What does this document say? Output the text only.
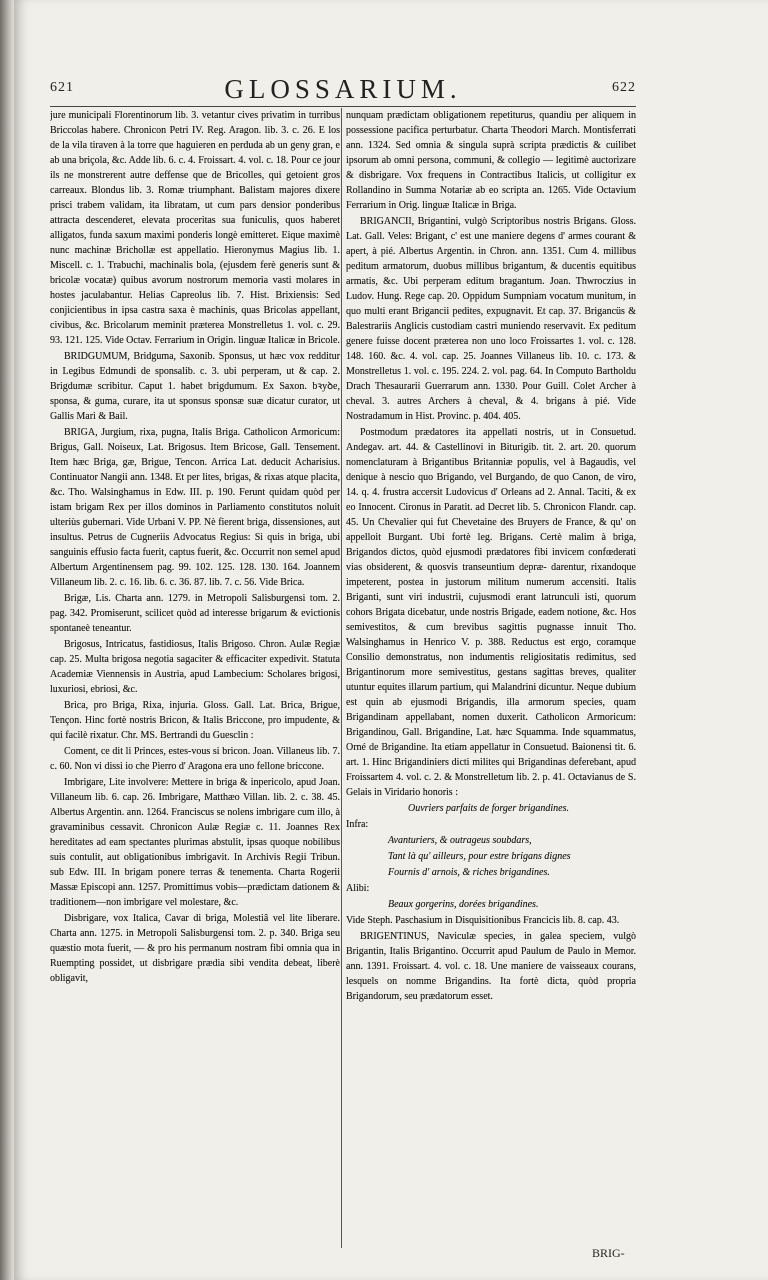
621	GLOSSARIUM.	622

jure municipali Florentinorum lib. 3. vetantur cives privatim in turribus Briccolas habere. Chronicon Petri IV. Reg. Aragon. lib. 3. c. 26. E los de la vila tiraven à la torre que haguieren en perduda ab un geny gran, e ab una briçola, &c. Adde lib. 6. c. 4. Froissart. 4. vol. c. 18. Pour ce jour ils ne monstrerent autre deffense que de Bricolles, qui getoient gros carreaux. Blondus lib. 3. Romæ triumphant. Balistam majores dixere prisci trabem validam, ita libratam, ut cum pars densior ponderibus attracta descenderet, elevata proceritas sua funiculis, quos haberet alligatos, funda saxum maximi ponderis longè emitteret. Eique maximè nunc machinæ Brichollæ est appellatio. Hieronymus Magius lib. 1. Miscell. c. 1. Trabuchi, machinalis bola, (ejusdem ferè generis sunt & bricolæ vocatæ) quibus avorum nostrorum memoria vasti molares in hostes jaculabantur. Helias Capreolus lib. 7. Hist. Brixiensis: Sed conjicientibus in ipsa castra saxa è machinis, quas Bricolas appellant, civibus, &c. Bricolarum meminit præterea Monstrelletus 1. vol. c. 29. 93. 121. 125. Vide Octav. Ferrarium in Origin. linguæ Italicæ in Bricole.

BRIDGUMUM, Bridguma, Saxonib. Sponsus, ut hæc vox redditur in Legibus Edmundi de sponsalib. c. 3. ubi perperam, ut & cap. 2. Brigdumæ scribitur. Caput 1. habet brigdumum. Ex Saxon. bꝛyꝺe, sponsa, & guma, curare, ita ut sponsus sponsæ suæ dicatur curator, ut Gallis Mari & Bail.

BRIGA, Jurgium, rixa, pugna, Italis Briga. Catholicon Armoricum: Brigus, Gall. Noiseux, Lat. Brigosus. Item Bricose, Gall. Tensement. Item hæc Briga, gæ, Brigue, Tencon. Arrica Lat. deducit Acharisius. Continuator Nangii ann. 1348. Et per lites, brigas, & rixas atque placita, &c. Tho. Walsinghamus in Edw. III. p. 190. Ferunt quidam quòd per istam brigam Rex per illos dominos in Parliamento constitutos noluit ulteriùs gubernari. Vide Urbani V. PP. Nè fierent briga, dissensiones, aut insultus. Petrus de Cugneriis Advocatus Regius: Si quis in briga, ubi sanguinis effusio facta fuerit, captus fuerit, &c. Occurrit non semel apud Albertum Argentinensem pag. 99. 102. 125. 128. 130. 164. Joannem Villaneum lib. 2. c. 16. lib. 6. c. 36. 87. lib. 7. c. 56. Vide Brica.

Brigæ, Lis. Charta ann. 1279. in Metropoli Salisburgensi tom. 2. pag. 342. Promiserunt, scilicet quòd ad interesse brigarum & evictionis spontaneè teneantur.

Brigosus, Intricatus, fastidiosus, Italis Brigoso. Chron. Aulæ Regiæ cap. 25. Multa brigosa negotia sagaciter & efficaciter expedivit. Statuta Academiæ Viennensis in Austria, apud Lambecium: Scholares brigosi, luxuriosi, ebriosi, &c.

Brica, pro Briga, Rixa, injuria. Gloss. Gall. Lat. Brica, Brigue, Tençon. Hinc fortè nostris Bricon, & Italis Briccone, pro impudente, & qui facilè rixatur. Chr. MS. Bertrandi du Guesclin :

Coment, ce dit li Princes, estes-vous si bricon. Joan. Villaneus lib. 7. c. 60. Non vi dissi io che Pierro d' Aragona era uno fellone briccone.

Imbrigare, Lite involvere: Mettere in briga & inpericolo, apud Joan. Villaneum lib. 6. cap. 26. Imbrigare, Matthæo Villan. lib. 2. c. 38. 45. Albertus Argentin. ann. 1264. Franciscus se nolens imbrigare cum illo, à gravaminibus cessavit. Chronicon Aulæ Regiæ c. 11. Joannes Rex hereditates ad eam spectantes plurimas abstulit, ipsas quoque nobilibus suis contulit, aut obligationibus imbrigavit. In Archivis Regii Tribun. sub Edw. III. In brigam ponere terras & tenementa. Charta Rogerii Massæ Episcopi ann. 1257. Promittimus vobis—prædictam dationem & traditionem—non imbrigare vel molestare, &c.

Disbrigare, vox Italica, Cavar di briga, Molestiâ vel lite liberare. Charta ann. 1275. in Metropoli Salisburgensi tom. 2. p. 340. Briga seu quæstio mota fuerit, — & pro his permanum nostram fibi omnia qua in Ruempting possidet, ut disbrigare prædia sibi vendita debeat, liberè obligavit,

nunquam prædictam obligationem repetiturus, quandiu per aliquem in possessione pacifica perturbatur. Charta Theodori March. Montisferrati ann. 1324. Sed omnia & singula suprà scripta prædictis & cuilibet ipsorum ab omni persona, communi, & collegio — legitimè auctorizare & disbrigare. Vox frequens in Contractibus Italicis, ut colligitur ex Rollandino in Summa Notariæ ab eo scripta an. 1265. Vide Octavium Ferrarium in Orig. linguæ Italicæ in Briga.

BRIGANCII, Brigantini, vulgò Scriptoribus nostris Brigans. Gloss. Lat. Gall. Veles: Brigant, c' est une maniere degens d' armes courant & apert, à pié. Albertus Argentin. in Chron. ann. 1351. Cum 4. millibus peditum armatorum, duobus millibus brigantum, & ducentis equitibus armatis, &c. Ubi perperam editum bragantum. Joan. Thwroczius in Ludov. Hung. Rege cap. 20. Oppidum Sumpniam vocatum munitum, in quo multi erant Brigancii pedites, expugnavit. Et cap. 37. Brigancüs & Balestrariis Anglicis custodiam castri muniendo reservavit. Ex peditum genere fuisse docent præterea non uno loco Froissartes 1. vol. c. 128. 148. 160. &c. 4. vol. cap. 25. Joannes Villaneus lib. 10. c. 173. & Monstrelletus 1. vol. c. 195. 224. 2. vol. pag. 64. In Computo Bartholdu Drach Thesaurarii Guerrarum ann. 1330. Pour Guill. Colet Archer à cheval. 3. autres Archers à cheval, & 4. brigans à pié. Vide Nostradamum in Hist. Provinc. p. 404. 405.

Postmodum prædatores ita appellati nostris, ut in Consuetud. Andegav. art. 44. & Castellinovi in Biturigib. tit. 2. art. 20. quorum nomenclaturam à Brigantibus Britanniæ populis, vel à Bagaudis, vel denique à nescio quo Brigando, vel Burgando, de quo Canon, de viro, 14. q. 4. frustra accersit Ludovicus d' Orleans ad 2. Annal. Taciti, & ex eo Innocent. Cironus in Paratit. ad Decret lib. 5. Chronicon Flandr. cap. 45. Un Chevalier qui fut Chevetaine des Bruyers de France, & qu' on appelloit Burgant. Ubi fortè leg. Brigans. Certè malim à briga, Brigandos dictos, quòd ejusmodi prædatores fibi invicem confœderati vias obsiderent, & quosvis transeuntium depræ- darentur, rixandoque impeterent, postea in justorum militum numerum accensiti. Italis Briganti, sunt viri industrii, cujusmodi erant latrunculi isti, quorum cohors Brigata dicebatur, unde nostris Brigade, eadem notione, &c. Hos semivestitos, & cum brevibus sagittis pugnasse innuit Tho. Walsinghamus in Henrico V. p. 388. Reductus est ergo, coramque Consilio demonstratus, non indumentis religiositatis redimitus, sed Brigantinorum more semivestitus, gestans sagittas breves, qualiter utuntur equites illarum partium, qui Malandrini dicuntur. Neque dubium est quin ab ejusmodi Brigandis, illa armorum species, quam Brigandinam appellabant, nomen duxerit. Catholicon Armoricum: Brigandinou, Gall. Brigandine, Lat. hæc Squamma. Inde squammatus, Orné de Brigandine. Ita etiam appellatur in Consuetud. Baionensi tit. 6. art. 1. Hinc Brigandiniers dicti milites qui Brigandinas deferebant, apud Froissartem 4. vol. c. 2. & Monstrelletum lib. 2. p. 41. Octavianus de S. Gelais in Viridario honoris :

Ouvriers parfaits de forger brigandines.

Infra:

Avanturiers, & outrageus soubdars,

Tant là qu' ailleurs, pour estre brigans dignes

Fournis d' arnois, & riches brigandines.

Alibi:

Beaux gorgerins, dorées brigandines.

Vide Steph. Paschasium in Disquisitionibus Francicis lib. 8. cap. 43.

BRIGENTINUS, Naviculæ species, in galea speciem, vulgò Brigantin, Italis Brigantino. Occurrit apud Paulum de Paulo in Memor. ann. 1391. Froissart. 4. vol. c. 18. Une maniere de vaisseaux courans, lesquels on nomme Brigandins. Ita fortè dicta, quòd propria Brigandorum, seu prædatorum esset.

BRIG-
